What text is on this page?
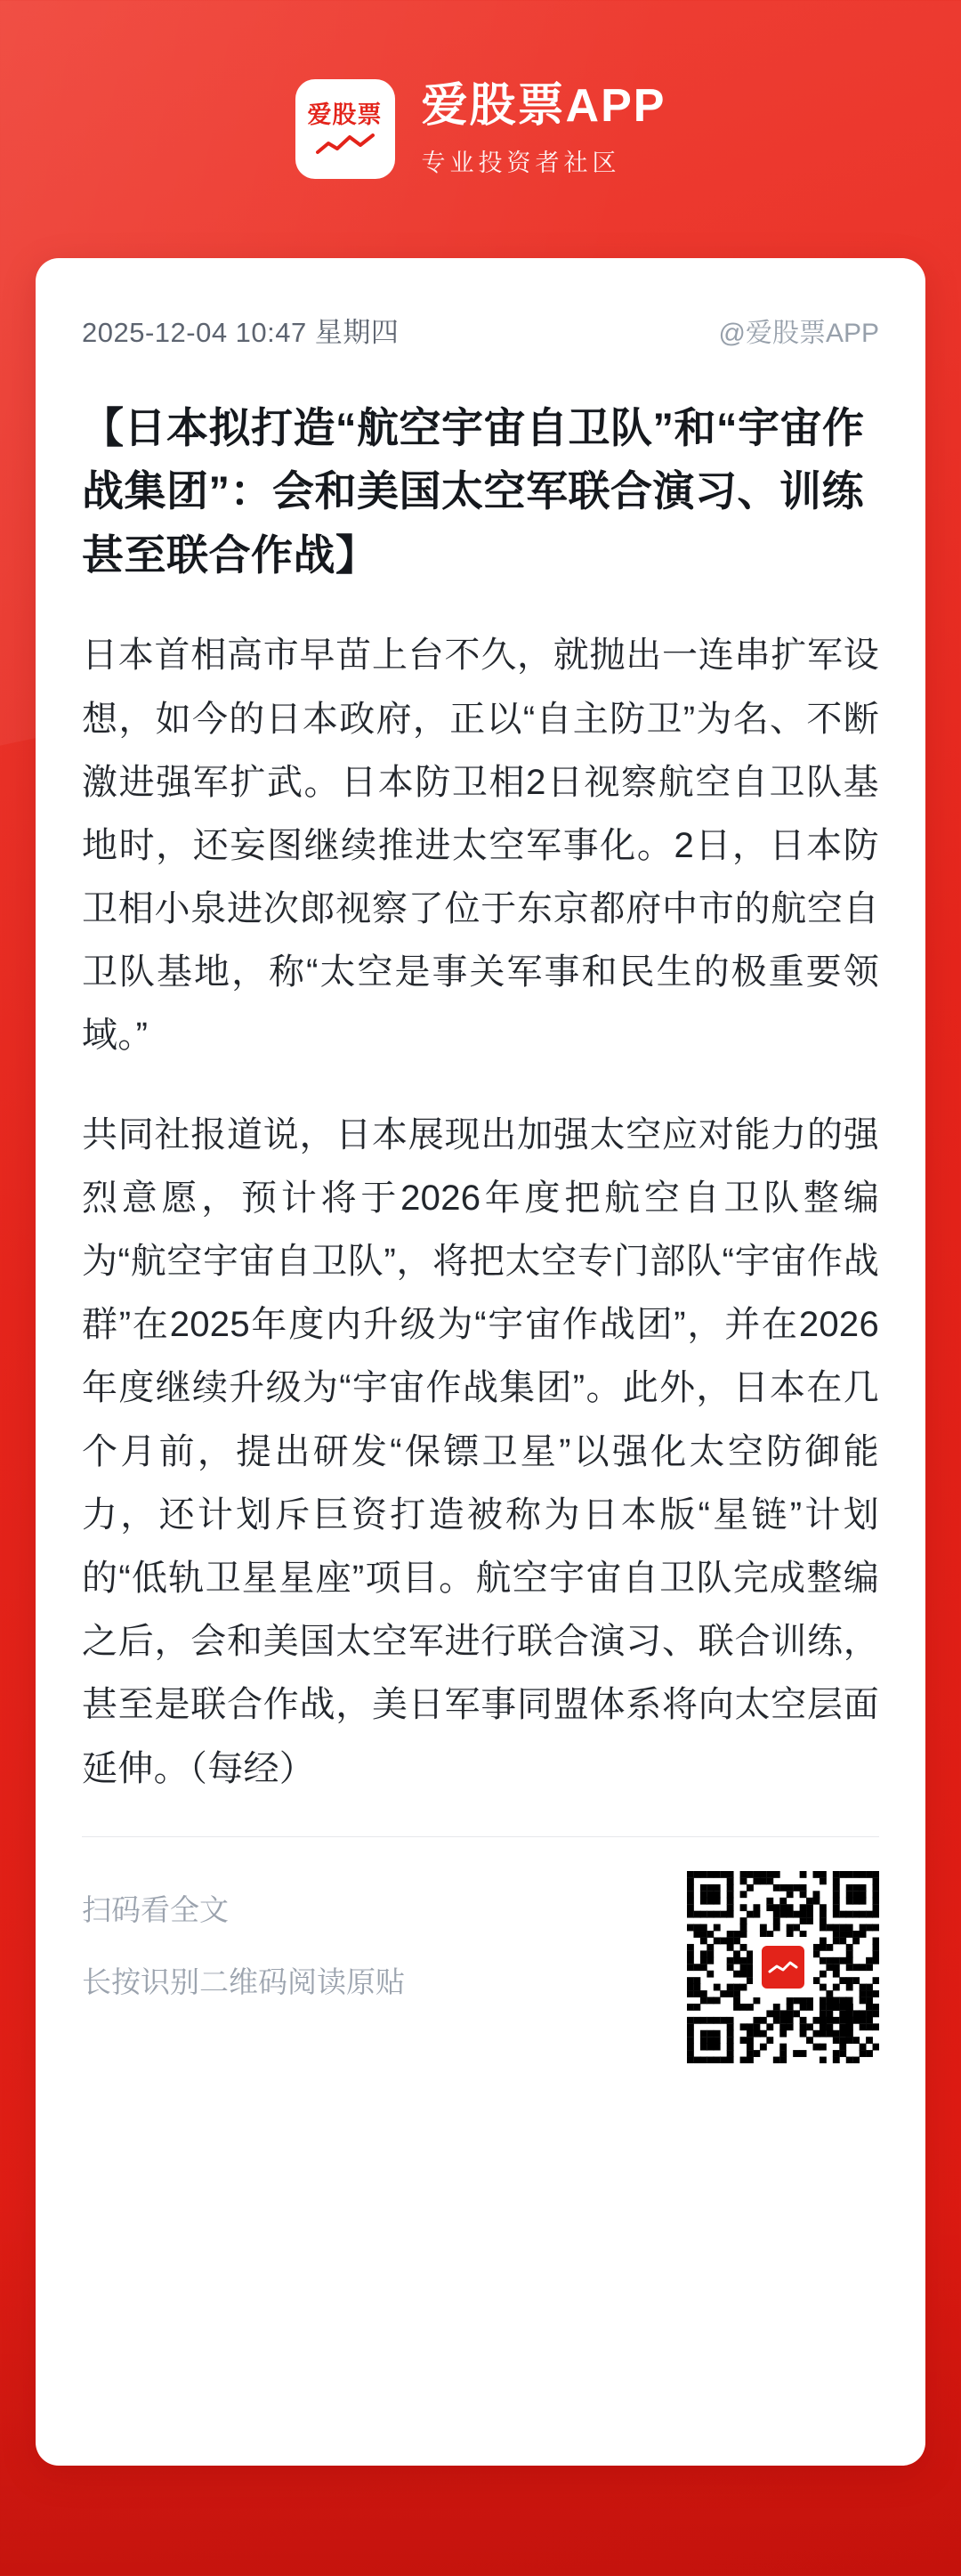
爱股票 爱股票APP
专业投资者社区
2025-12-04 10:47 星期四	@爱股票APP
【日本拟打造“航空宇宙自卫队”和“宇宙作战集团”：会和美国太空军联合演习、训练 甚至联合作战】

日本首相高市早苗上台不久，就抛出一连串扩军设想，如今的日本政府，正以“自主防卫”为名、不断激进强军扩武。日本防卫相2日视察航空自卫队基地时，还妄图继续推进太空军事化。2日，日本防卫相小泉进次郎视察了位于东京都府中市的航空自卫队基地，称“太空是事关军事和民生的极重要领域。”

共同社报道说，日本展现出加强太空应对能力的强烈意愿，预计将于2026年度把航空自卫队整编为“航空宇宙自卫队”，将把太空专门部队“宇宙作战群”在2025年度内升级为“宇宙作战团”，并在2026年度继续升级为“宇宙作战集团”。此外，日本在几个月前，提出研发“保镖卫星”以强化太空防御能力，还计划斥巨资打造被称为日本版“星链”计划的“低轨卫星星座”项目。航空宇宙自卫队完成整编之后，会和美国太空军进行联合演习、联合训练，甚至是联合作战，美日军事同盟体系将向太空层面延伸。（每经）

扫码看全文
长按识别二维码阅读原贴
